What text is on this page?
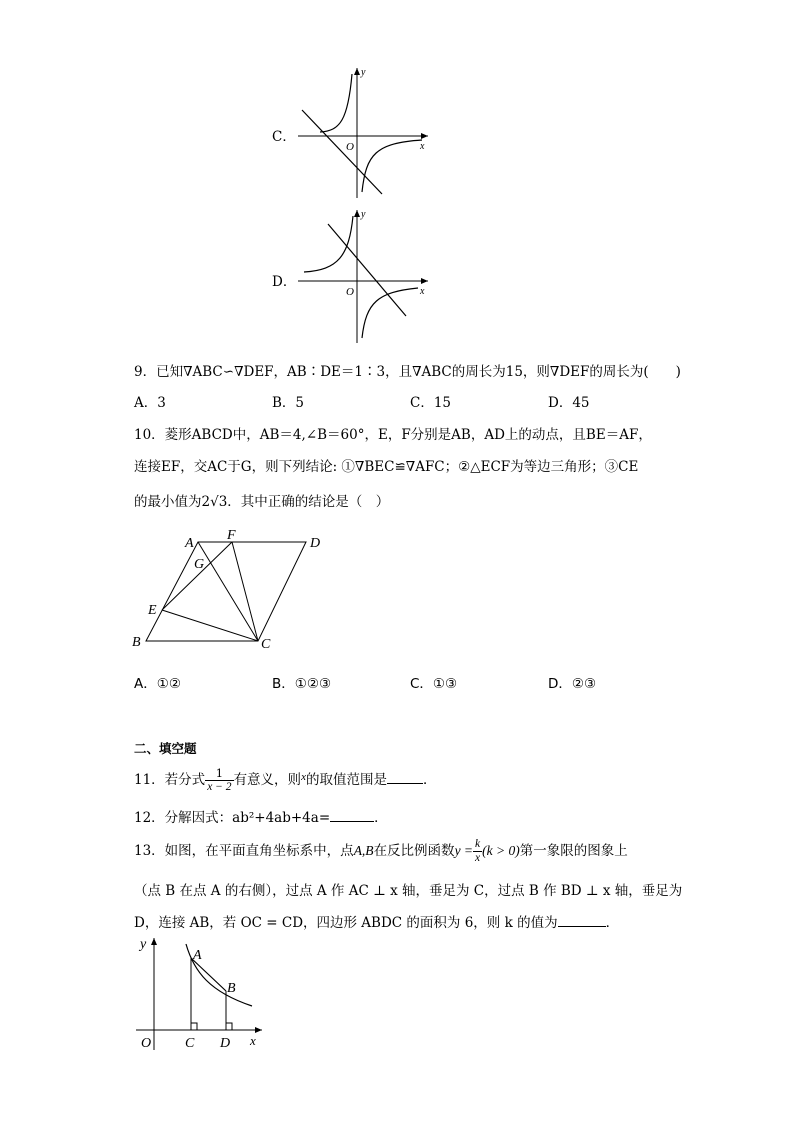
C．
y
x
O
D．
y
x
O
9．已知∇ABC∽∇DEF，AB∶DE＝1∶3，且∇ABC的周长为15，则∇DEF的周长为(　　)
A．3	B．5	C．15	D．45
10．菱形ABCD中，AB＝4,∠B＝60°，E，F分别是AB，AD上的动点，且BE＝AF，
连接EF，交AC于G，则下列结论: ①∇BEC≌∇AFC；②△ECF为等边三角形；③CE
的最小值为2√3．其中正确的结论是（　）
A
F
D
G
E
B	C
A．①②	B．①②③	C．①③	D．②③
二、填空题
11．若分式 $\frac{1}{x - 2}$ 有意义，则$^x$的取值范围是	．
12．分解因式：ab²+4ab+4a=	．
13．如图，在平面直角坐标系中，点A,B在反比例函数$y = \frac{k}{x} (k > 0)$第一象限的图象上
（点 B 在点 A 的右侧），过点 A 作 AC ⊥ x 轴，垂足为 C，过点 B 作 BD ⊥ x 轴，垂足为
D，连接 AB，若 OC = CD，四边形 ABDC 的面积为 6，则 k 的值为	．
y
A
B
O C D x
